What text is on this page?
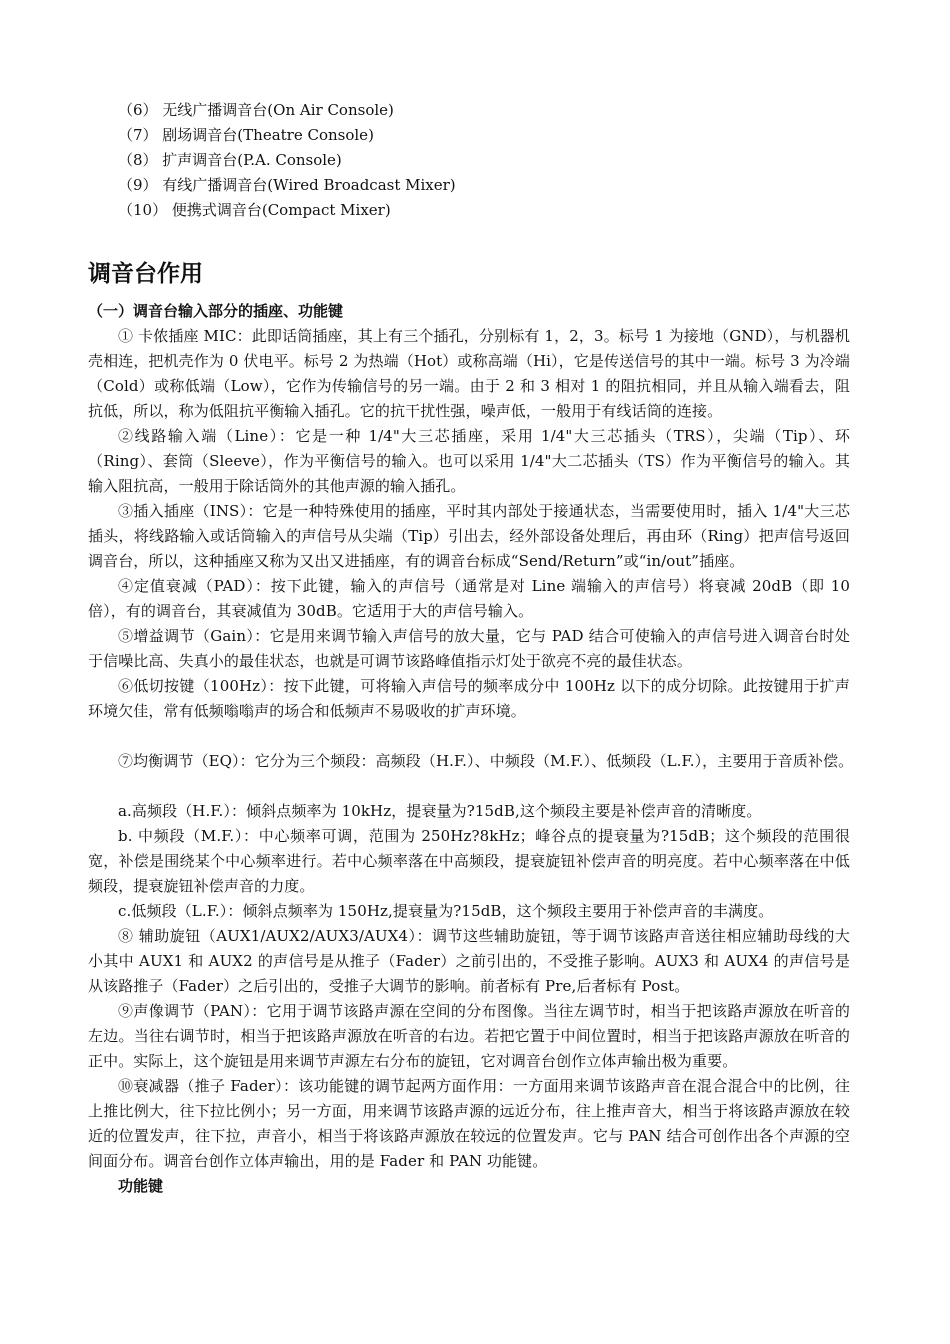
（6） 无线广播调音台(On Air Console)
（7） 剧场调音台(Theatre Console)
（8） 扩声调音台(P.A. Console)
（9） 有线广播调音台(Wired Broadcast Mixer)
（10） 便携式调音台(Compact Mixer)
调音台作用
（一）调音台输入部分的插座、功能键

① 卡侬插座 MIC：此即话筒插座，其上有三个插孔，分别标有 1，2，3。标号 1 为接地（GND），与机器机壳相连，把机壳作为 0 伏电平。标号 2 为热端（Hot）或称高端（Hi），它是传送信号的其中一端。标号 3 为冷端（Cold）或称低端（Low），它作为传输信号的另一端。由于 2 和 3 相对 1 的阻抗相同，并且从输入端看去，阻抗低，所以，称为低阻抗平衡输入插孔。它的抗干扰性强，噪声低，一般用于有线话筒的连接。

②线路输入端（Line）：它是一种 1/4"大三芯插座，采用 1/4"大三芯插头（TRS），尖端（Tip）、环（Ring）、套筒（Sleeve），作为平衡信号的输入。也可以采用 1/4"大二芯插头（TS）作为平衡信号的输入。其输入阻抗高，一般用于除话筒外的其他声源的输入插孔。

③插入插座（INS）：它是一种特殊使用的插座，平时其内部处于接通状态，当需要使用时，插入 1/4"大三芯插头，将线路输入或话筒输入的声信号从尖端（Tip）引出去，经外部设备处理后，再由环（Ring）把声信号返回调音台，所以，这种插座又称为又出又进插座，有的调音台标成“Send/Return”或“in/out”插座。

④定值衰减（PAD）：按下此键，输入的声信号（通常是对 Line 端输入的声信号）将衰减 20dB（即 10 倍），有的调音台，其衰减值为 30dB。它适用于大的声信号输入。

⑤增益调节（Gain）：它是用来调节输入声信号的放大量，它与 PAD 结合可使输入的声信号进入调音台时处于信噪比高、失真小的最佳状态，也就是可调节该路峰值指示灯处于欲亮不亮的最佳状态。

⑥低切按键（100Hz）：按下此键，可将输入声信号的频率成分中 100Hz 以下的成分切除。此按键用于扩声环境欠佳，常有低频嗡嗡声的场合和低频声不易吸收的扩声环境。

⑦均衡调节（EQ）：它分为三个频段：高频段（H.F.）、中频段（M.F.）、低频段（L.F.），主要用于音质补偿。

a.高频段（H.F.）：倾斜点频率为 10kHz，提衰量为?15dB,这个频段主要是补偿声音的清晰度。

b. 中频段（M.F.）：中心频率可调，范围为 250Hz?8kHz；峰谷点的提衰量为?15dB；这个频段的范围很宽，补偿是围绕某个中心频率进行。若中心频率落在中高频段，提衰旋钮补偿声音的明亮度。若中心频率落在中低频段，提衰旋钮补偿声音的力度。

c.低频段（L.F.）：倾斜点频率为 150Hz,提衰量为?15dB，这个频段主要用于补偿声音的丰满度。

⑧ 辅助旋钮（AUX1/AUX2/AUX3/AUX4）：调节这些辅助旋钮，等于调节该路声音送往相应辅助母线的大小其中 AUX1 和 AUX2 的声信号是从推子（Fader）之前引出的，不受推子影响。AUX3 和 AUX4 的声信号是从该路推子（Fader）之后引出的，受推子大调节的影响。前者标有 Pre,后者标有 Post。

⑨声像调节（PAN）：它用于调节该路声源在空间的分布图像。当往左调节时，相当于把该路声源放在听音的左边。当往右调节时，相当于把该路声源放在听音的右边。若把它置于中间位置时，相当于把该路声源放在听音的正中。实际上，这个旋钮是用来调节声源左右分布的旋钮，它对调音台创作立体声输出极为重要。

⑩衰减器（推子 Fader）：该功能键的调节起两方面作用：一方面用来调节该路声音在混合混合中的比例，往上推比例大，往下拉比例小；另一方面，用来调节该路声源的远近分布，往上推声音大，相当于将该路声源放在较近的位置发声，往下拉，声音小，相当于将该路声源放在较远的位置发声。它与 PAN 结合可创作出各个声源的空间面分布。调音台创作立体声输出，用的是 Fader 和 PAN 功能键。

功能键
